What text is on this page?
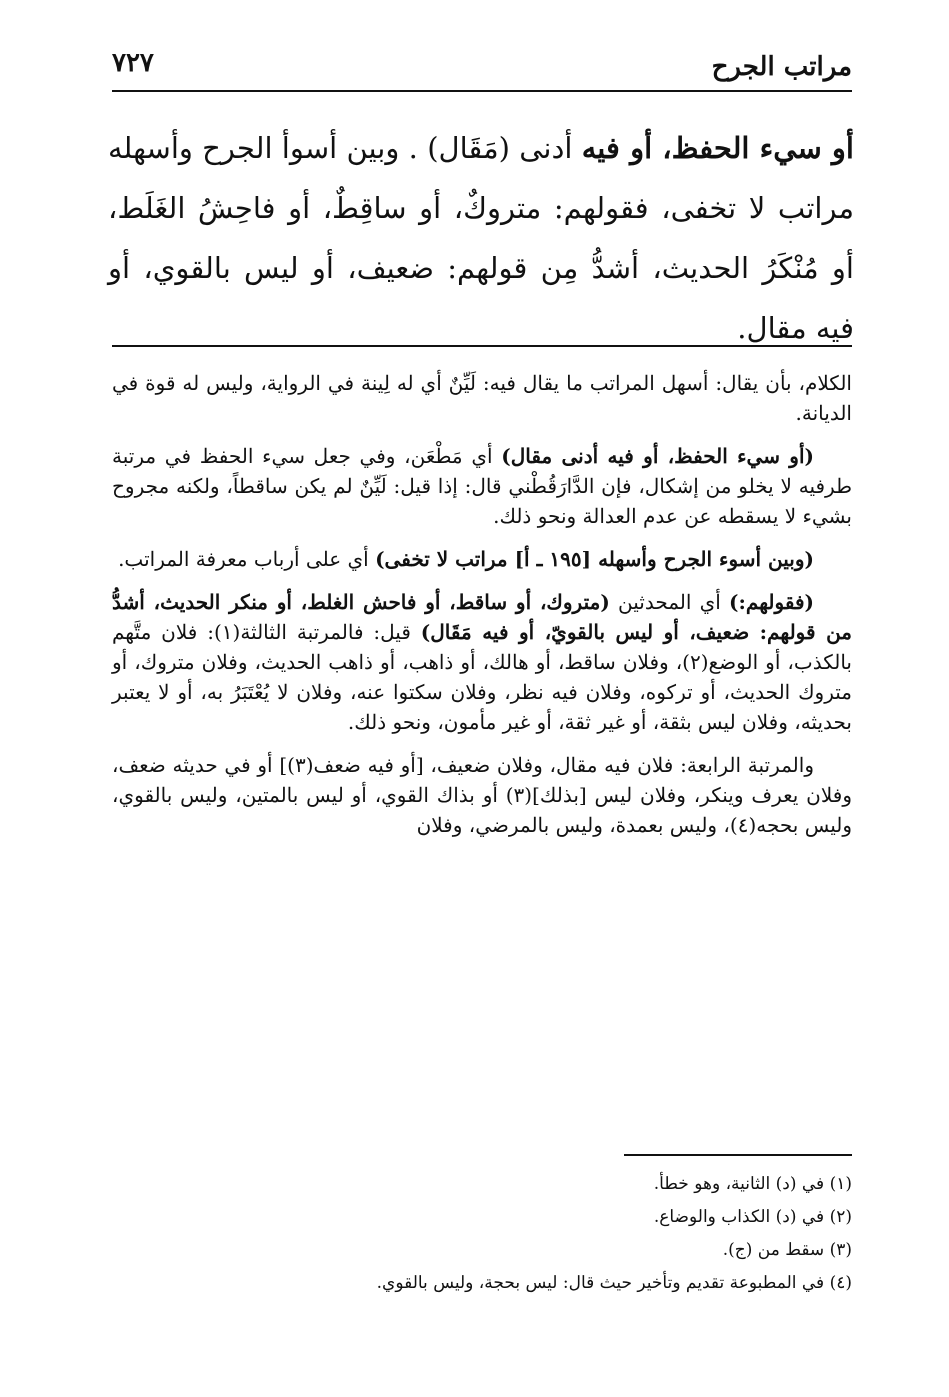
مراتب الجرح
٧٢٧

أو سيء الحفظ، أو فيه أدنى (مَقَال) . وبين أسوأ الجرح وأسهله مراتب لا تخفى، فقولهم: متروكٌ، أو ساقِطٌ، أو فاحِشُ الغَلَط، أو مُنْكَرُ الحديث، أشدُّ مِن قولهم: ضعيف، أو ليس بالقوي، أو فيه مقال.

الكلام، بأن يقال: أسهل المراتب ما يقال فيه: لَيِّنٌ أي له لِينة في الرواية، وليس له قوة في الديانة.

(أو سيء الحفظ، أو فيه أدنى مقال) أي مَطْعَن، وفي جعل سيء الحفظ في مرتبة طرفيه لا يخلو من إشكال، فإن الدَّارَقُطْني قال: إذا قيل: لَيِّنٌ لم يكن ساقطاً، ولكنه مجروح بشيء لا يسقطه عن عدم العدالة ونحو ذلك.

(وبين أسوء الجرح وأسهله [١٩٥ ـ أ] مراتب لا تخفى) أي على أرباب معرفة المراتب.

(فقولهم:) أي المحدثين (متروك، أو ساقط، أو فاحش الغلط، أو منكر الحديث، أشدُّ من قولهم: ضعيف، أو ليس بالقويّ، أو فيه مَقَال) قيل: فالمرتبة الثالثة(١): فلان متَّهم بالكذب، أو الوضع(٢)، وفلان ساقط، أو هالك، أو ذاهب، أو ذاهب الحديث، وفلان متروك، أو متروك الحديث، أو تركوه، وفلان فيه نظر، وفلان سكتوا عنه، وفلان لا يُعْتَبَرُ به، أو لا يعتبر بحديثه، وفلان ليس بثقة، أو غير ثقة، أو غير مأمون، ونحو ذلك.

والمرتبة الرابعة: فلان فيه مقال، وفلان ضعيف، [أو فيه ضعف(٣)] أو في حديثه ضعف، وفلان يعرف وينكر، وفلان ليس [بذلك](٣) أو بذاك القوي، أو ليس بالمتين، وليس بالقوي، وليس بحجه(٤)، وليس بعمدة، وليس بالمرضي، وفلان

(١) في (د) الثانية، وهو خطأ.
(٢) في (د) الكذاب والوضاع.
(٣) سقط من (ج).
(٤) في المطبوعة تقديم وتأخير حيث قال: ليس بحجة، وليس بالقوي.
